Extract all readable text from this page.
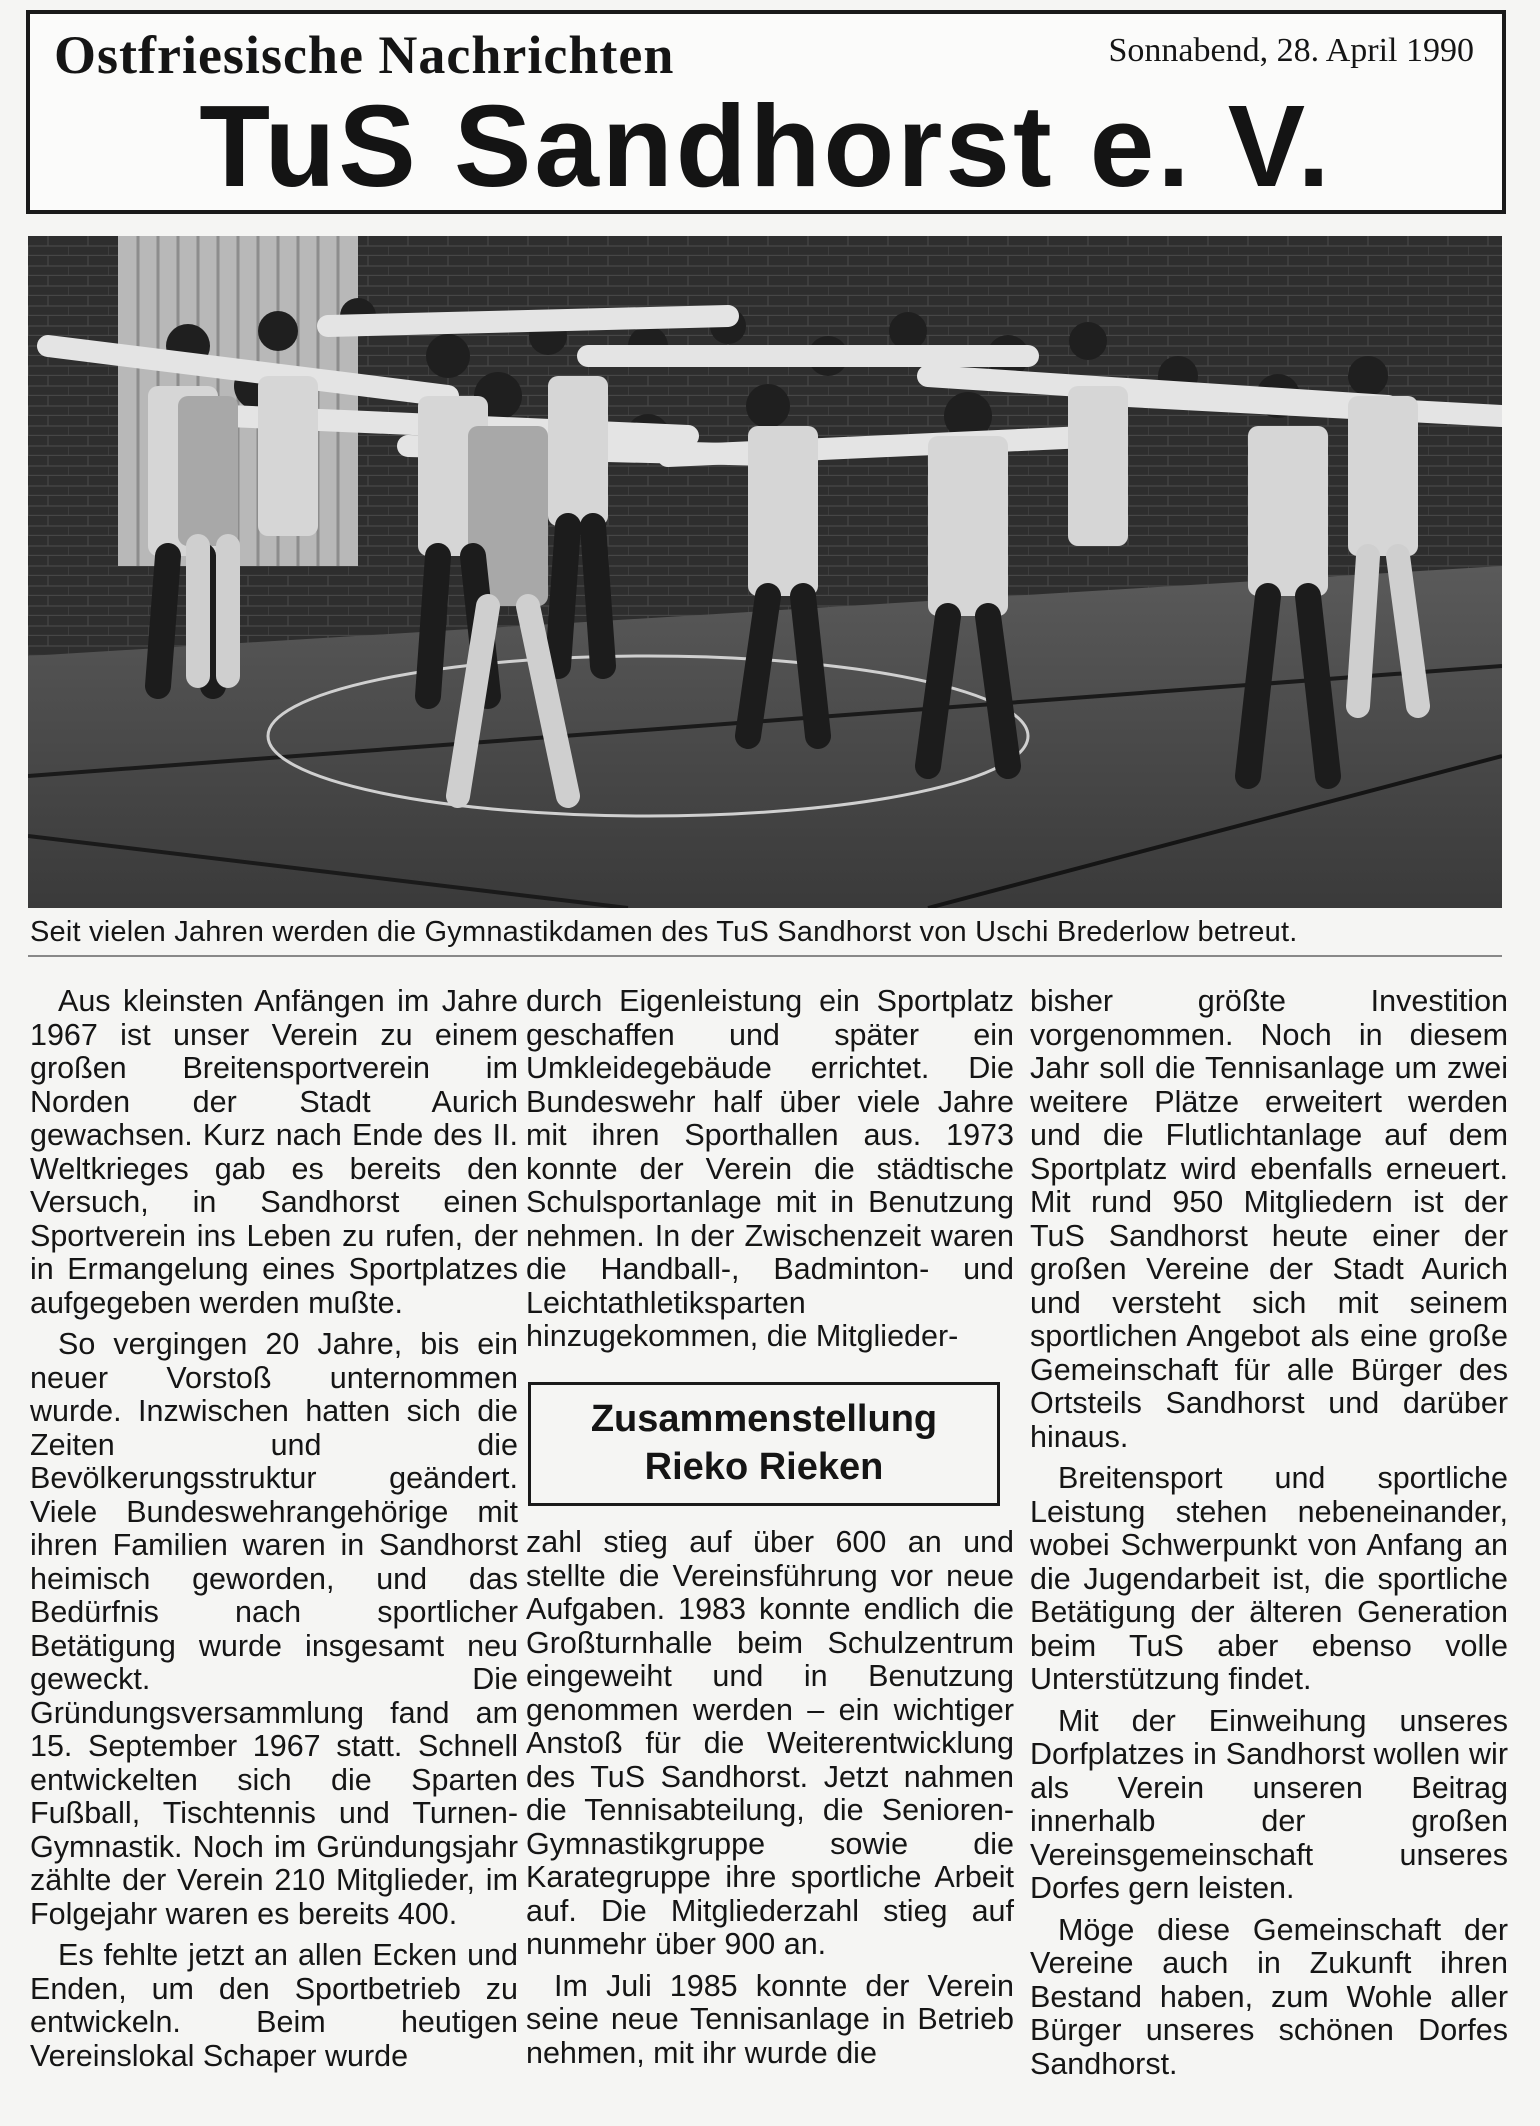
Ostfriesische Nachrichten	Sonnabend, 28. April 1990
TuS Sandhorst e. V.
Seit vielen Jahren werden die Gymnastikdamen des TuS Sandhorst von Uschi Brederlow betreut.

Aus kleinsten Anfängen im Jahre 1967 ist unser Verein zu einem großen Breitensportverein im Norden der Stadt Aurich gewachsen. Kurz nach Ende des II. Weltkrieges gab es bereits den Versuch, in Sandhorst einen Sportverein ins Leben zu rufen, der in Ermangelung eines Sportplatzes aufgegeben werden mußte.

So vergingen 20 Jahre, bis ein neuer Vorstoß unternommen wurde. Inzwischen hatten sich die Zeiten und die Bevölkerungsstruktur geändert. Viele Bundeswehrangehörige mit ihren Familien waren in Sandhorst heimisch geworden, und das Bedürfnis nach sportlicher Betätigung wurde insgesamt neu geweckt. Die Gründungsversammlung fand am 15. September 1967 statt. Schnell entwickelten sich die Sparten Fußball, Tischtennis und Turnen-Gymnastik. Noch im Gründungsjahr zählte der Verein 210 Mitglieder, im Folgejahr waren es bereits 400.

Es fehlte jetzt an allen Ecken und Enden, um den Sportbetrieb zu entwickeln. Beim heutigen Vereinslokal Schaper wurde

durch Eigenleistung ein Sportplatz geschaffen und später ein Umkleidegebäude errichtet. Die Bundeswehr half über viele Jahre mit ihren Sporthallen aus. 1973 konnte der Verein die städtische Schulsportanlage mit in Benutzung nehmen. In der Zwischenzeit waren die Handball-, Badminton- und Leichtathletiksparten hinzugekommen, die Mitglieder-

Zusammenstellung
Rieko Rieken

zahl stieg auf über 600 an und stellte die Vereinsführung vor neue Aufgaben. 1983 konnte endlich die Großturnhalle beim Schulzentrum eingeweiht und in Benutzung genommen werden – ein wichtiger Anstoß für die Weiterentwicklung des TuS Sandhorst. Jetzt nahmen die Tennisabteilung, die Senioren-Gymnastikgruppe sowie die Karategruppe ihre sportliche Arbeit auf. Die Mitgliederzahl stieg auf nunmehr über 900 an.

Im Juli 1985 konnte der Verein seine neue Tennisanlage in Betrieb nehmen, mit ihr wurde die

bisher größte Investition vorgenommen. Noch in diesem Jahr soll die Tennisanlage um zwei weitere Plätze erweitert werden und die Flutlichtanlage auf dem Sportplatz wird ebenfalls erneuert. Mit rund 950 Mitgliedern ist der TuS Sandhorst heute einer der großen Vereine der Stadt Aurich und versteht sich mit seinem sportlichen Angebot als eine große Gemeinschaft für alle Bürger des Ortsteils Sandhorst und darüber hinaus.

Breitensport und sportliche Leistung stehen nebeneinander, wobei Schwerpunkt von Anfang an die Jugendarbeit ist, die sportliche Betätigung der älteren Generation beim TuS aber ebenso volle Unterstützung findet.

Mit der Einweihung unseres Dorfplatzes in Sandhorst wollen wir als Verein unseren Beitrag innerhalb der großen Vereinsgemeinschaft unseres Dorfes gern leisten.

Möge diese Gemeinschaft der Vereine auch in Zukunft ihren Bestand haben, zum Wohle aller Bürger unseres schönen Dorfes Sandhorst.
